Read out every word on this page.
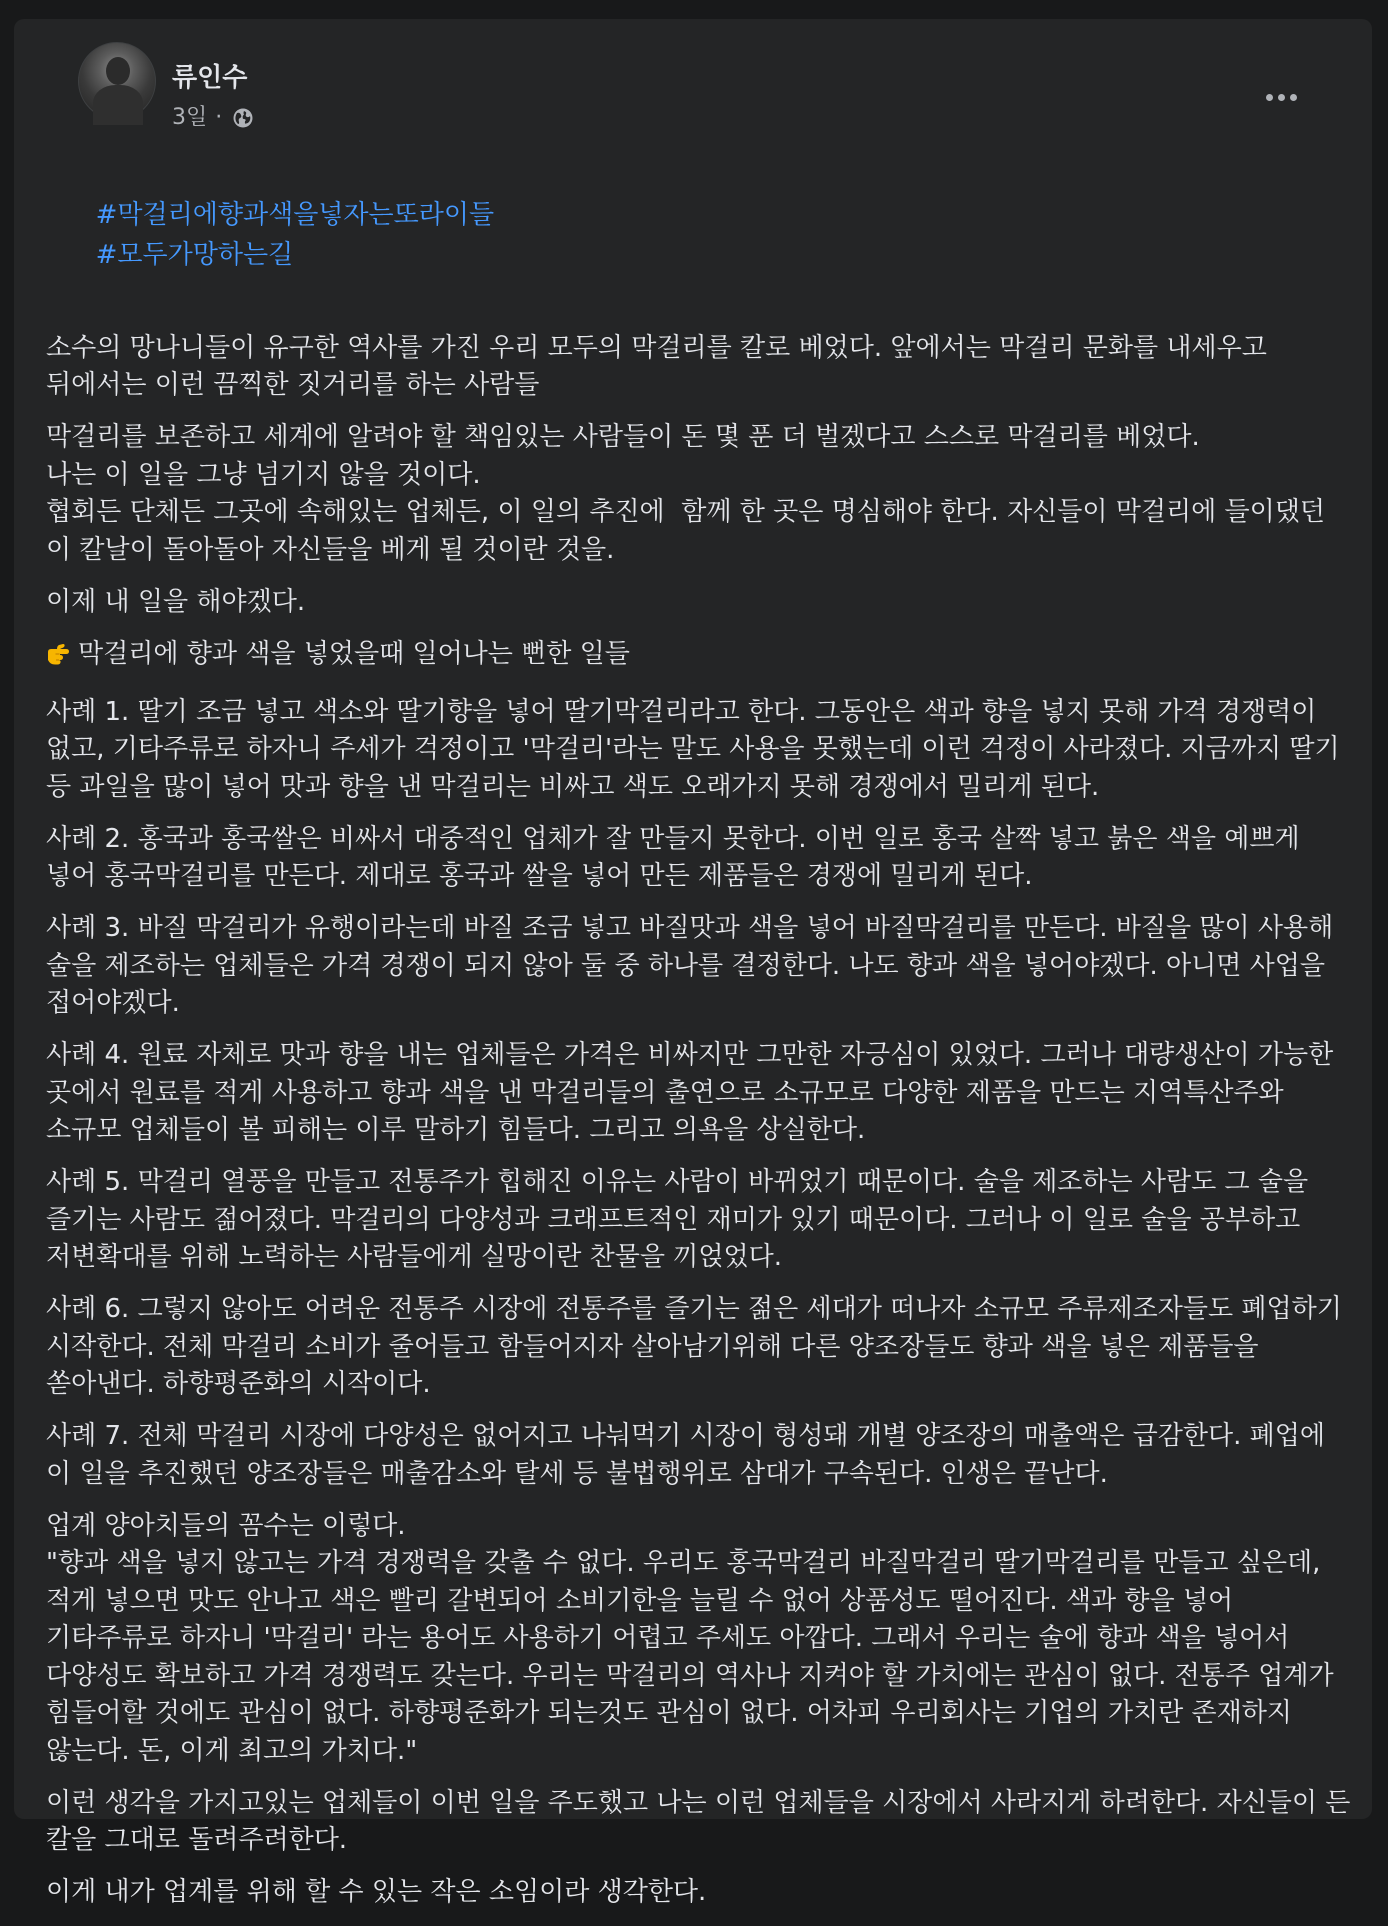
류인수
3일 ·

#막걸리에향과색을넣자는또라이들
#모두가망하는길

소수의 망나니들이 유구한 역사를 가진 우리 모두의 막걸리를 칼로 베었다. 앞에서는 막걸리 문화를 내세우고 뒤에서는 이런 끔찍한 짓거리를 하는 사람들

막걸리를 보존하고 세계에 알려야 할 책임있는 사람들이 돈 몇 푼 더 벌겠다고 스스로 막걸리를 베었다.
나는 이 일을 그냥 넘기지 않을 것이다.
협회든 단체든 그곳에 속해있는 업체든, 이 일의 추진에  함께 한 곳은 명심해야 한다. 자신들이 막걸리에 들이댔던 이 칼날이 돌아돌아 자신들을 베게 될 것이란 것을.

이제 내 일을 해야겠다.

막걸리에 향과 색을 넣었을때 일어나는 뻔한 일들

사례 1. 딸기 조금 넣고 색소와 딸기향을 넣어 딸기막걸리라고 한다. 그동안은 색과 향을 넣지 못해 가격 경쟁력이 없고, 기타주류로 하자니 주세가 걱정이고 '막걸리'라는 말도 사용을 못했는데 이런 걱정이 사라졌다. 지금까지 딸기 등 과일을 많이 넣어 맛과 향을 낸 막걸리는 비싸고 색도 오래가지 못해 경쟁에서 밀리게 된다.

사례 2. 홍국과 홍국쌀은 비싸서 대중적인 업체가 잘 만들지 못한다. 이번 일로 홍국 살짝 넣고 붉은 색을 예쁘게 넣어 홍국막걸리를 만든다. 제대로 홍국과 쌀을 넣어 만든 제품들은 경쟁에 밀리게 된다.

사례 3. 바질 막걸리가 유행이라는데 바질 조금 넣고 바질맛과 색을 넣어 바질막걸리를 만든다. 바질을 많이 사용해 술을 제조하는 업체들은 가격 경쟁이 되지 않아 둘 중 하나를 결정한다. 나도 향과 색을 넣어야겠다. 아니면 사업을 접어야겠다.

사례 4. 원료 자체로 맛과 향을 내는 업체들은 가격은 비싸지만 그만한 자긍심이 있었다. 그러나 대량생산이 가능한 곳에서 원료를 적게 사용하고 향과 색을 낸 막걸리들의 출연으로 소규모로 다양한 제품을 만드는 지역특산주와 소규모 업체들이 볼 피해는 이루 말하기 힘들다. 그리고 의욕을 상실한다.

사례 5. 막걸리 열풍을 만들고 전통주가 힙해진 이유는 사람이 바뀌었기 때문이다. 술을 제조하는 사람도 그 술을 즐기는 사람도 젊어졌다. 막걸리의 다양성과 크래프트적인 재미가 있기 때문이다. 그러나 이 일로 술을 공부하고 저변확대를 위해 노력하는 사람들에게 실망이란 찬물을 끼얹었다.

사례 6. 그렇지 않아도 어려운 전통주 시장에 전통주를 즐기는 젊은 세대가 떠나자 소규모 주류제조자들도 폐업하기 시작한다. 전체 막걸리 소비가 줄어들고 함들어지자 살아남기위해 다른 양조장들도 향과 색을 넣은 제품들을 쏟아낸다. 하향평준화의 시작이다.

사례 7. 전체 막걸리 시장에 다양성은 없어지고 나눠먹기 시장이 형성돼 개별 양조장의 매출액은 급감한다. 폐업에 이 일을 추진했던 양조장들은 매출감소와 탈세 등 불법행위로 삼대가 구속된다. 인생은 끝난다.

업계 양아치들의 꼼수는 이렇다.
"향과 색을 넣지 않고는 가격 경쟁력을 갖출 수 없다. 우리도 홍국막걸리 바질막걸리 딸기막걸리를 만들고 싶은데, 적게 넣으면 맛도 안나고 색은 빨리 갈변되어 소비기한을 늘릴 수 없어 상품성도 떨어진다. 색과 향을 넣어 기타주류로 하자니 '막걸리' 라는 용어도 사용하기 어렵고 주세도 아깝다. 그래서 우리는 술에 향과 색을 넣어서 다양성도 확보하고 가격 경쟁력도 갖는다. 우리는 막걸리의 역사나 지켜야 할 가치에는 관심이 없다. 전통주 업계가 힘들어할 것에도 관심이 없다. 하향평준화가 되는것도 관심이 없다. 어차피 우리회사는 기업의 가치란 존재하지 않는다. 돈, 이게 최고의 가치다."

이런 생각을 가지고있는 업체들이 이번 일을 주도했고 나는 이런 업체들을 시장에서 사라지게 하려한다. 자신들이 든 칼을 그대로 돌려주려한다.

이게 내가 업계를 위해 할 수 있는 작은 소임이라 생각한다.
